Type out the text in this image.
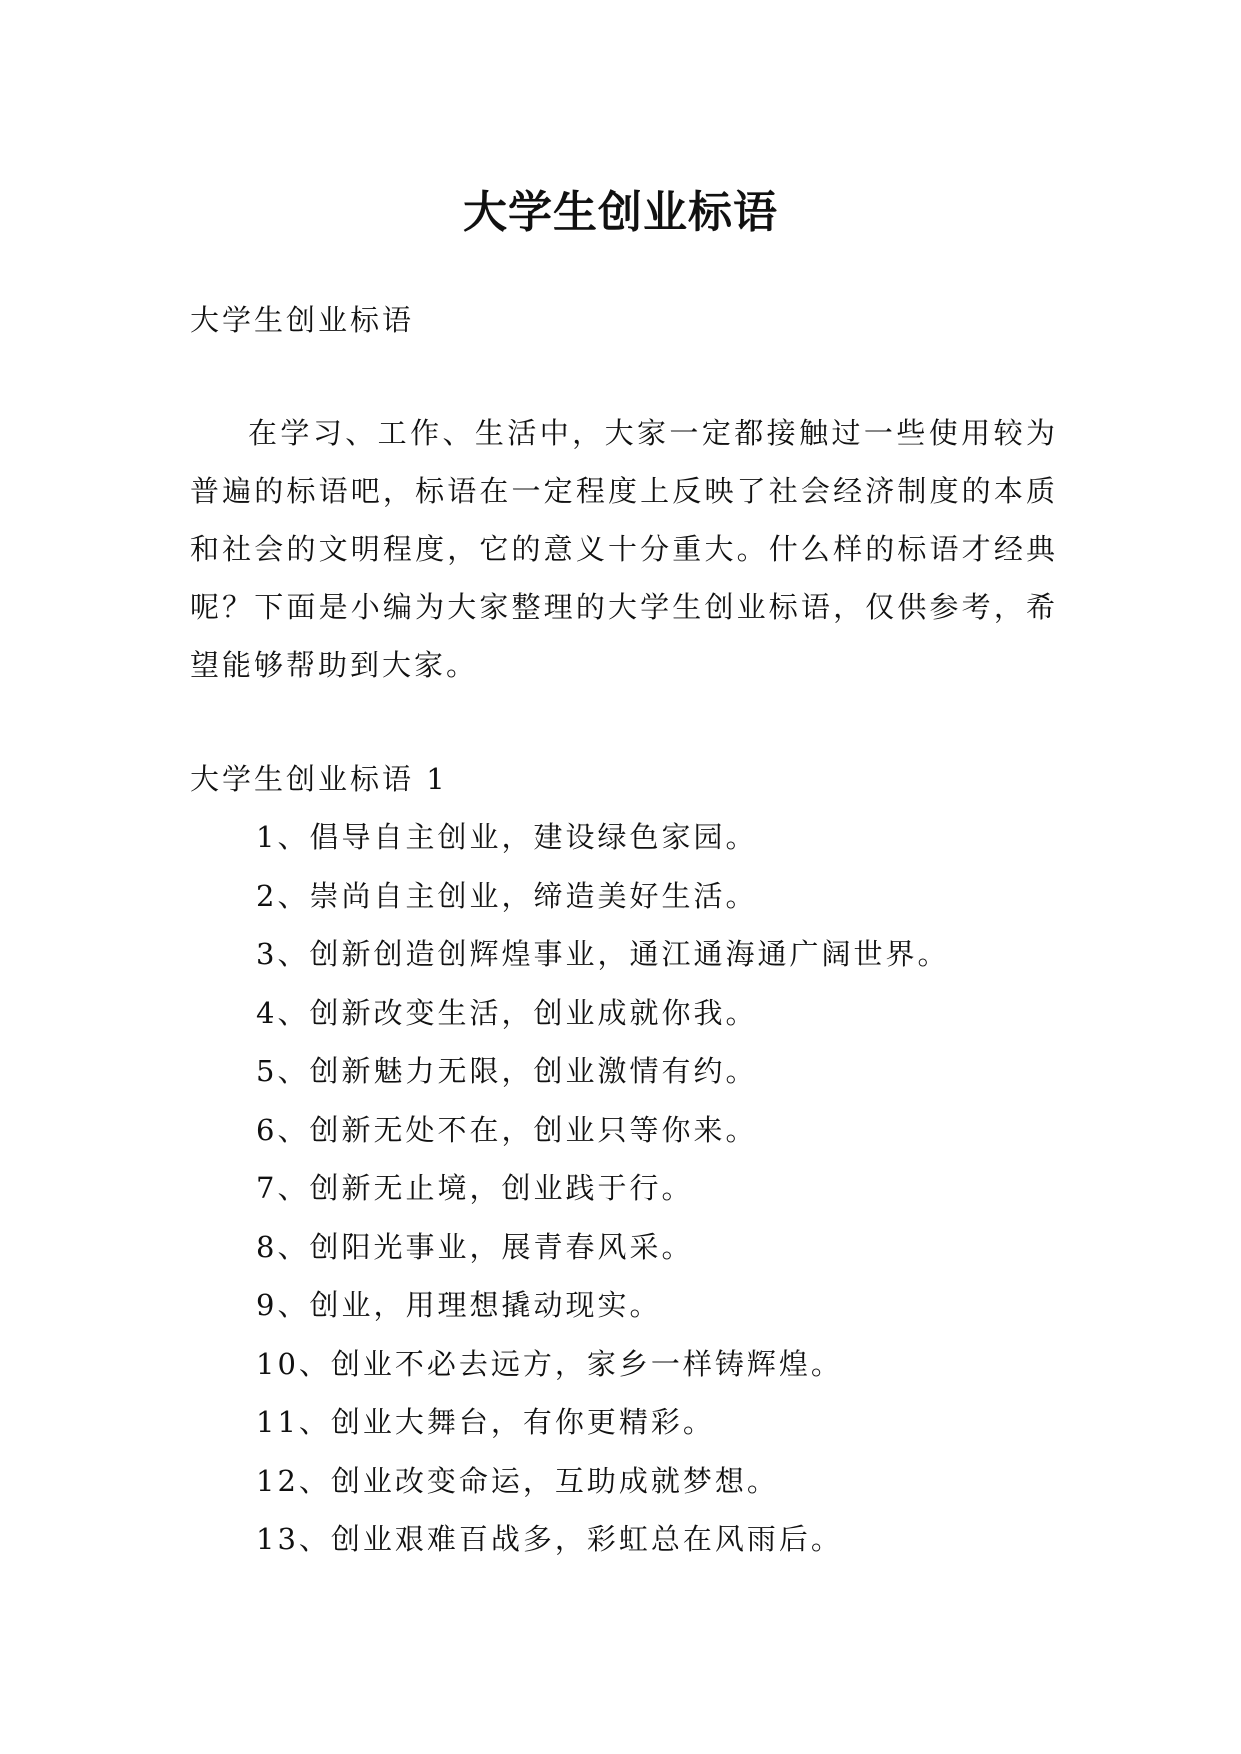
大学生创业标语

大学生创业标语

在学习、工作、生活中，大家一定都接触过一些使用较为普遍的标语吧，标语在一定程度上反映了社会经济制度的本质和社会的文明程度，它的意义十分重大。什么样的标语才经典呢？下面是小编为大家整理的大学生创业标语，仅供参考，希望能够帮助到大家。

大学生创业标语 1

1、倡导自主创业，建设绿色家园。
2、崇尚自主创业，缔造美好生活。
3、创新创造创辉煌事业，通江通海通广阔世界。
4、创新改变生活，创业成就你我。
5、创新魅力无限，创业激情有约。
6、创新无处不在，创业只等你来。
7、创新无止境，创业践于行。
8、创阳光事业，展青春风采。
9、创业，用理想撬动现实。
10、创业不必去远方，家乡一样铸辉煌。
11、创业大舞台，有你更精彩。
12、创业改变命运，互助成就梦想。
13、创业艰难百战多，彩虹总在风雨后。
